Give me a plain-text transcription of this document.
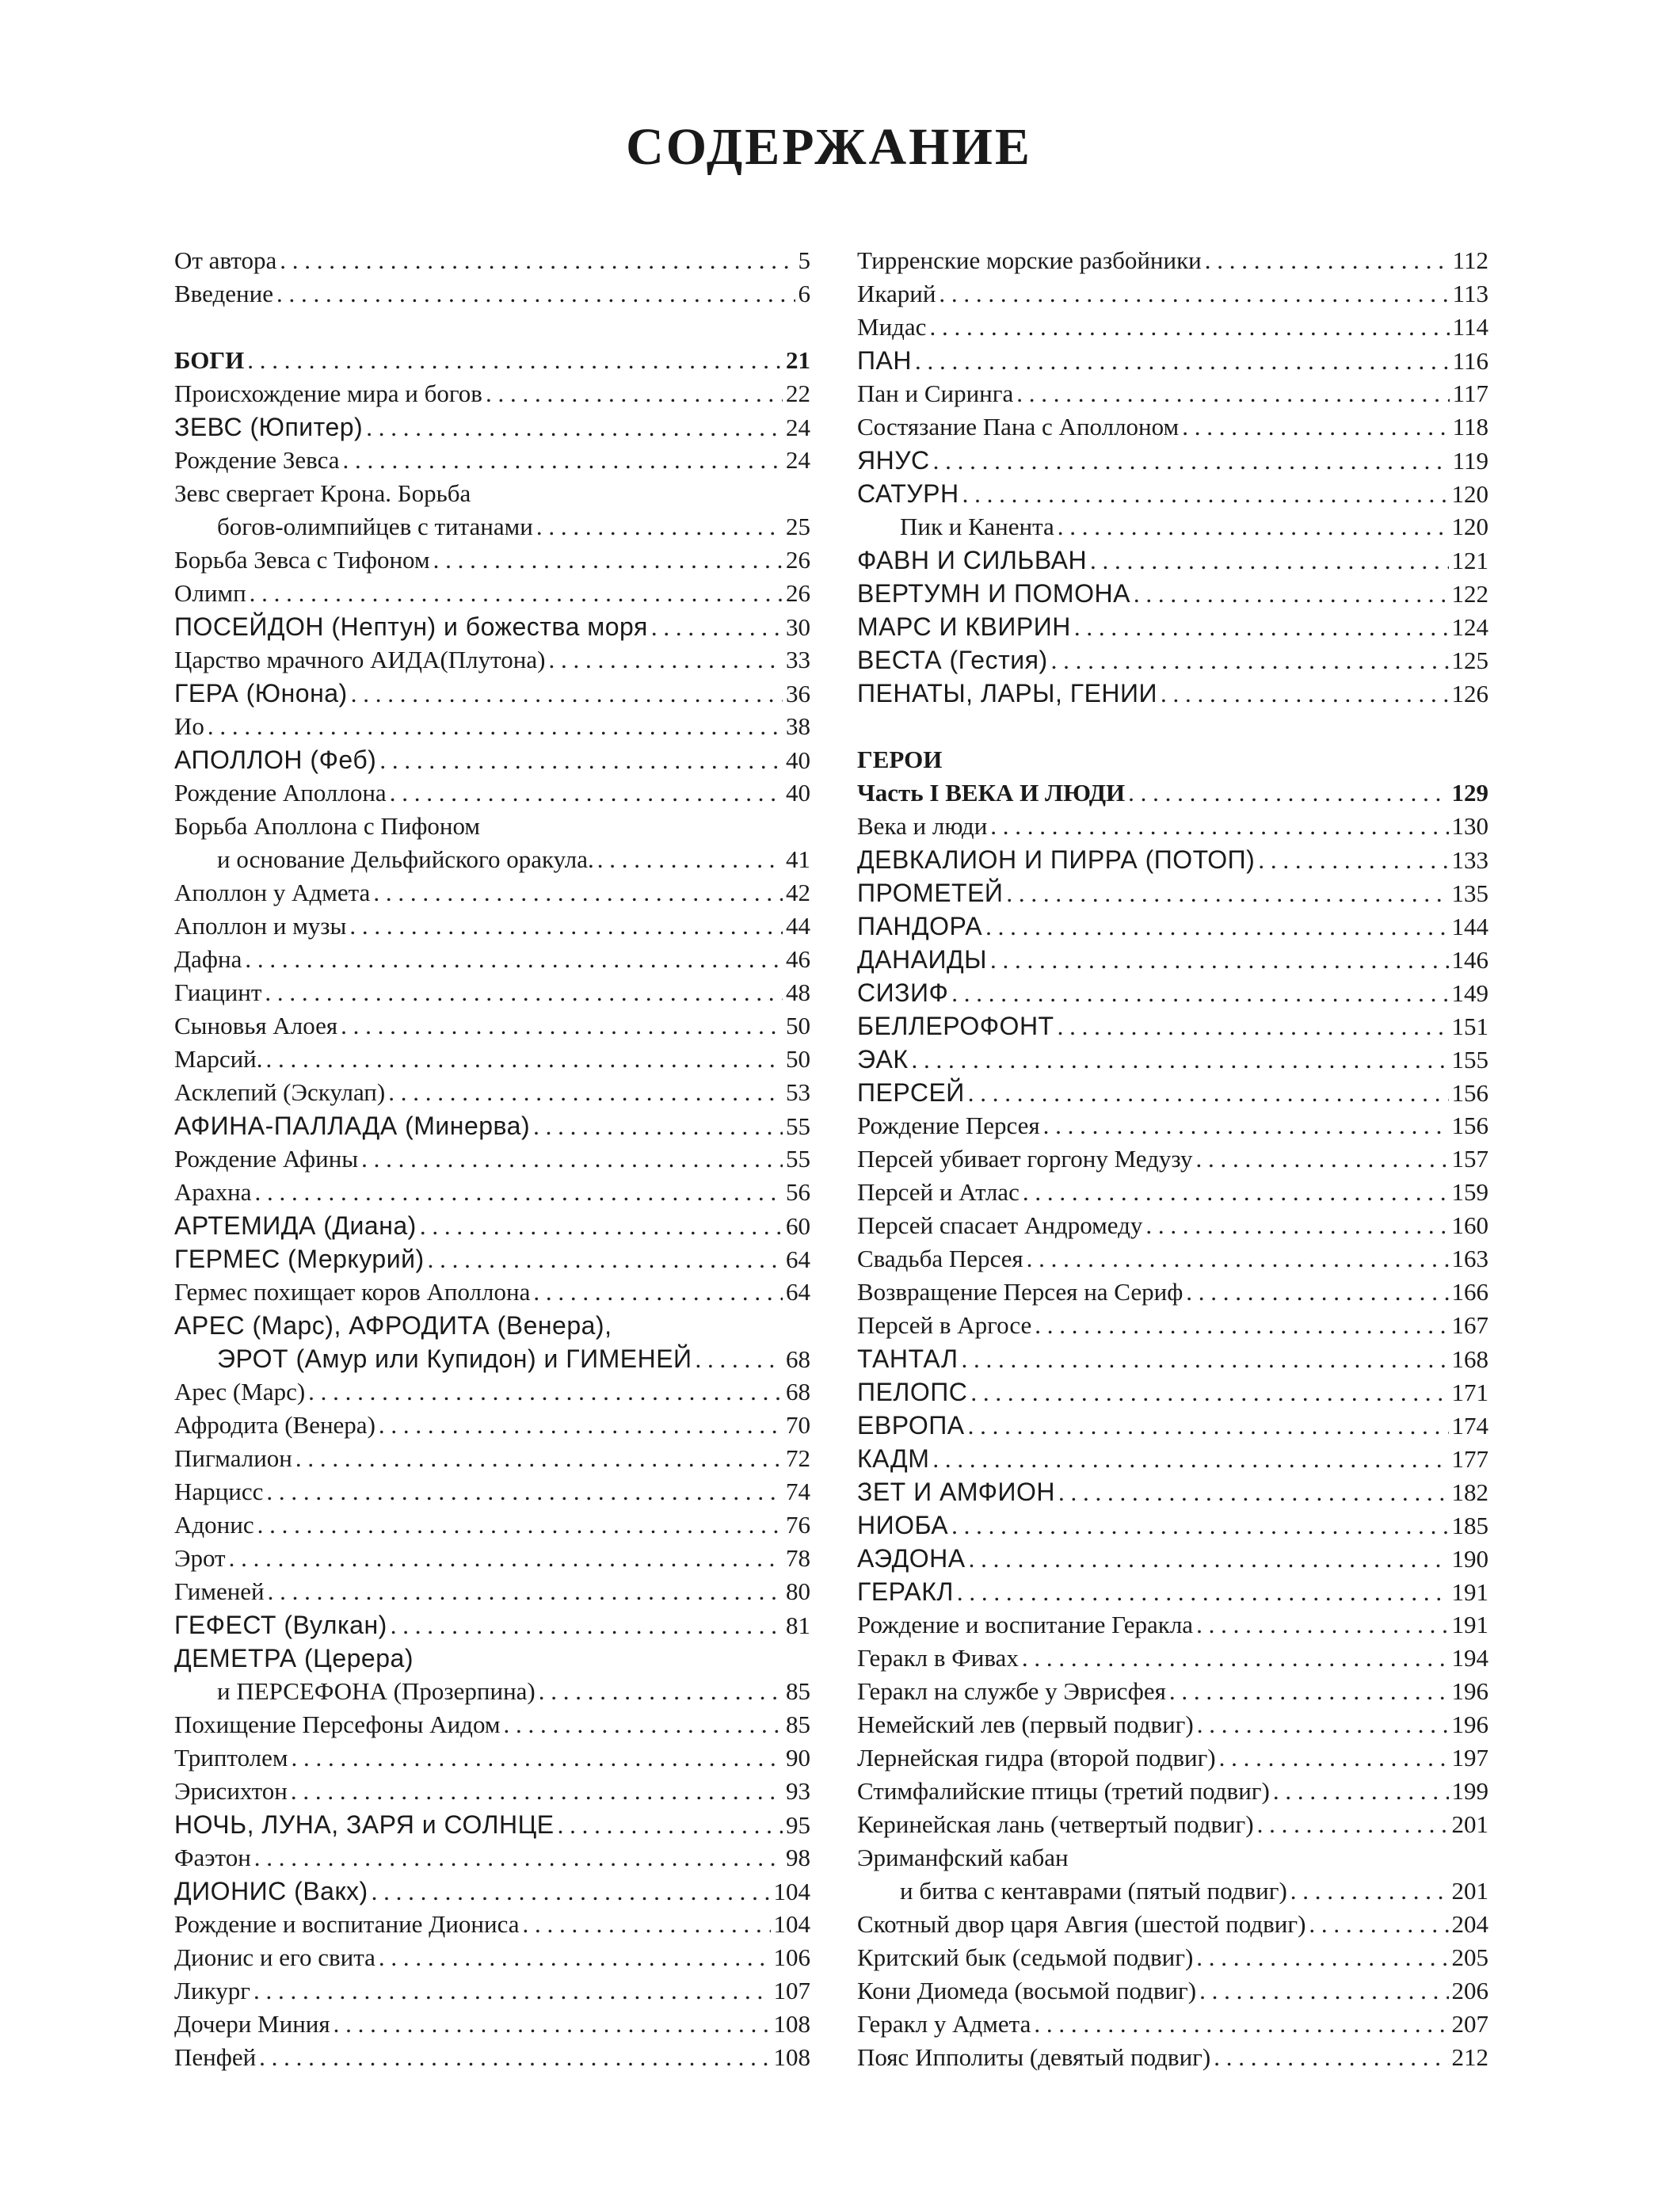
СОДЕРЖАНИЕ
От автора . . .	5
Введение . . .	6
БОГИ . . .	21
Происхождение мира и богов . . .	22
ЗЕВС (Юпитер) . . .	24
Рождение Зевса . . .	24
Зевс свергает Крона. Борьба
богов-олимпийцев с титанами . . .	25
Борьба Зевса с Тифоном . . .	26
Олимп . . .	26
ПОСЕЙДОН (Нептун) и божества моря . . .	30
Царство мрачного АИДА(Плутона) . . .	33
ГЕРА (Юнона) . . .	36
Ио . . .	38
АПОЛЛОН (Феб) . . .	40
Рождение Аполлона . . .	40
Борьба Аполлона с Пифоном
и основание Дельфийского оракула. . . .	41
Аполлон у Адмета . . .	42
Аполлон и музы . . .	44
Дафна . . .	46
Гиацинт . . .	48
Сыновья Алоея . . .	50
Марсий. . . .	50
Асклепий (Эскулап) . . .	53
АФИНА-ПАЛЛАДА (Минерва) . . .	55
Рождение Афины . . .	55
Арахна . . .	56
АРТЕМИДА (Диана) . . .	60
ГЕРМЕС (Меркурий) . . .	64
Гермес похищает коров Аполлона . . .	64
АРЕС (Марс), АФРОДИТА (Венера),
ЭРОТ (Амур или Купидон) и ГИМЕНЕЙ . . .	68
Арес (Марс) . . .	68
Афродита (Венера) . . .	70
Пигмалион . . .	72
Нарцисс . . .	74
Адонис . . .	76
Эрот . . .	78
Гименей . . .	80
ГЕФЕСТ (Вулкан) . . .	81
ДЕМЕТРА (Церера)
и ПЕРСЕФОНА (Прозерпина) . . .	85
Похищение Персефоны Аидом . . .	85
Триптолем . . .	90
Эрисихтон . . .	93
НОЧЬ, ЛУНА, ЗАРЯ и СОЛНЦЕ . . .	95
Фаэтон . . .	98
ДИОНИС (Вакх) . . .	104
Рождение и воспитание Диониса . . .	104
Дионис и его свита . . .	106
Ликург . . .	107
Дочери Миния . . .	108
Пенфей . . .	108
Тирренские морские разбойники . . .	112
Икарий . . .	113
Мидас . . .	114
ПАН . . .	116
Пан и Сиринга . . .	117
Состязание Пана с Аполлоном . . .	118
ЯНУС . . .	119
САТУРН . . .	120
Пик и Канента . . .	120
ФАВН И СИЛЬВАН . . .	121
ВЕРТУМН И ПОМОНА . . .	122
МАРС И КВИРИН . . .	124
ВЕСТА (Гестия) . . .	125
ПЕНАТЫ, ЛАРЫ, ГЕНИИ . . .	126
ГЕРОИ
Часть I ВЕКА И ЛЮДИ . . .	129
Века и люди . . .	130
ДЕВКАЛИОН И ПИРРА (ПОТОП) . . .	133
ПРОМЕТЕЙ . . .	135
ПАНДОРА . . .	144
ДАНАИДЫ . . .	146
СИЗИФ . . .	149
БЕЛЛЕРОФОНТ . . .	151
ЭАК . . .	155
ПЕРСЕЙ . . .	156
Рождение Персея . . .	156
Персей убивает горгону Медузу . . .	157
Персей и Атлас . . .	159
Персей спасает Андромеду . . .	160
Свадьба Персея . . .	163
Возвращение Персея на Сериф . . .	166
Персей в Аргосе . . .	167
ТАНТАЛ . . .	168
ПЕЛОПС . . .	171
ЕВРОПА . . .	174
КАДМ . . .	177
ЗЕТ И АМФИОН . . .	182
НИОБА . . .	185
АЭДОНА . . .	190
ГЕРАКЛ . . .	191
Рождение и воспитание Геракла . . .	191
Геракл в Фивах . . .	194
Геракл на службе у Эврисфея . . .	196
Немейский лев (первый подвиг) . . .	196
Лернейская гидра (второй подвиг) . . .	197
Стимфалийские птицы (третий подвиг) . . .	199
Керинейская лань (четвертый подвиг) . . .	201
Эриманфский кабан
и битва с кентаврами (пятый подвиг) . . .	201
Скотный двор царя Авгия (шестой подвиг) . . .	204
Критский бык (седьмой подвиг) . . .	205
Кони Диомеда (восьмой подвиг) . . .	206
Геракл у Адмета . . .	207
Пояс Ипполиты (девятый подвиг) . . .	212
